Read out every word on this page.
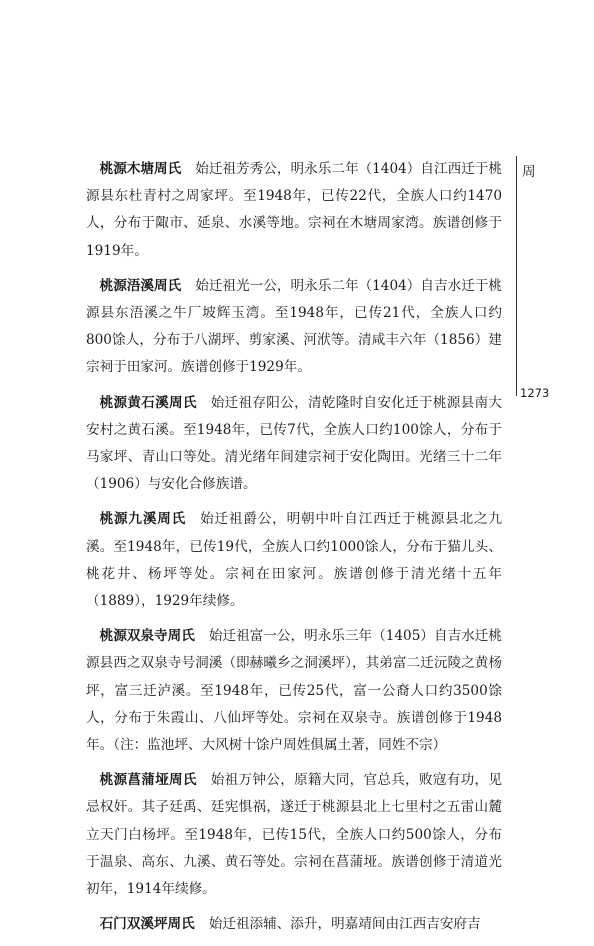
桃源木塘周氏 始迁祖芳秀公，明永乐二年（1404）自江西迁于桃源县东杜青村之周家坪。至1948年，已传22代，全族人口约1470人，分布于陬市、延泉、水溪等地。宗祠在木塘周家湾。族谱创修于1919年。

桃源浯溪周氏 始迁祖光一公，明永乐二年（1404）自吉水迁于桃源县东浯溪之牛厂坡辉玉湾。至1948年，已传21代，全族人口约800馀人，分布于八湖坪、剪家溪、河洑等。清咸丰六年（1856）建宗祠于田家河。族谱创修于1929年。

桃源黄石溪周氏 始迁祖存阳公，清乾隆时自安化迁于桃源县南大安村之黄石溪。至1948年，已传7代，全族人口约100馀人，分布于马家坪、青山口等处。清光绪年间建宗祠于安化陶田。光绪三十二年（1906）与安化合修族谱。

桃源九溪周氏 始迁祖爵公，明朝中叶自江西迁于桃源县北之九溪。至1948年，已传19代，全族人口约1000馀人，分布于猫儿头、桃花井、杨坪等处。宗祠在田家河。族谱创修于清光绪十五年（1889），1929年续修。

桃源双泉寺周氏 始迁祖富一公，明永乐三年（1405）自吉水迁桃源县西之双泉寺号洞溪（即赫曦乡之洞溪坪），其弟富二迁沅陵之黄杨坪，富三迁泸溪。至1948年，已传25代，富一公裔人口约3500馀人，分布于朱霞山、八仙坪等处。宗祠在双泉寺。族谱创修于1948年。（注：监池坪、大风树十馀户周姓俱属土著，同姓不宗）

桃源菖蒲垭周氏 始祖万钟公，原籍大同，官总兵，败寇有功，见忌权奸。其子廷禹、廷宪惧祸，遂迁于桃源县北上七里村之五雷山麓立天门白杨坪。至1948年，已传15代，全族人口约500馀人，分布于温泉、高东、九溪、黄石等处。宗祠在菖蒲垭。族谱创修于清道光初年，1914年续修。

石门双溪坪周氏 始迁祖添辅、添升，明嘉靖间由江西吉安府吉

周
1273
